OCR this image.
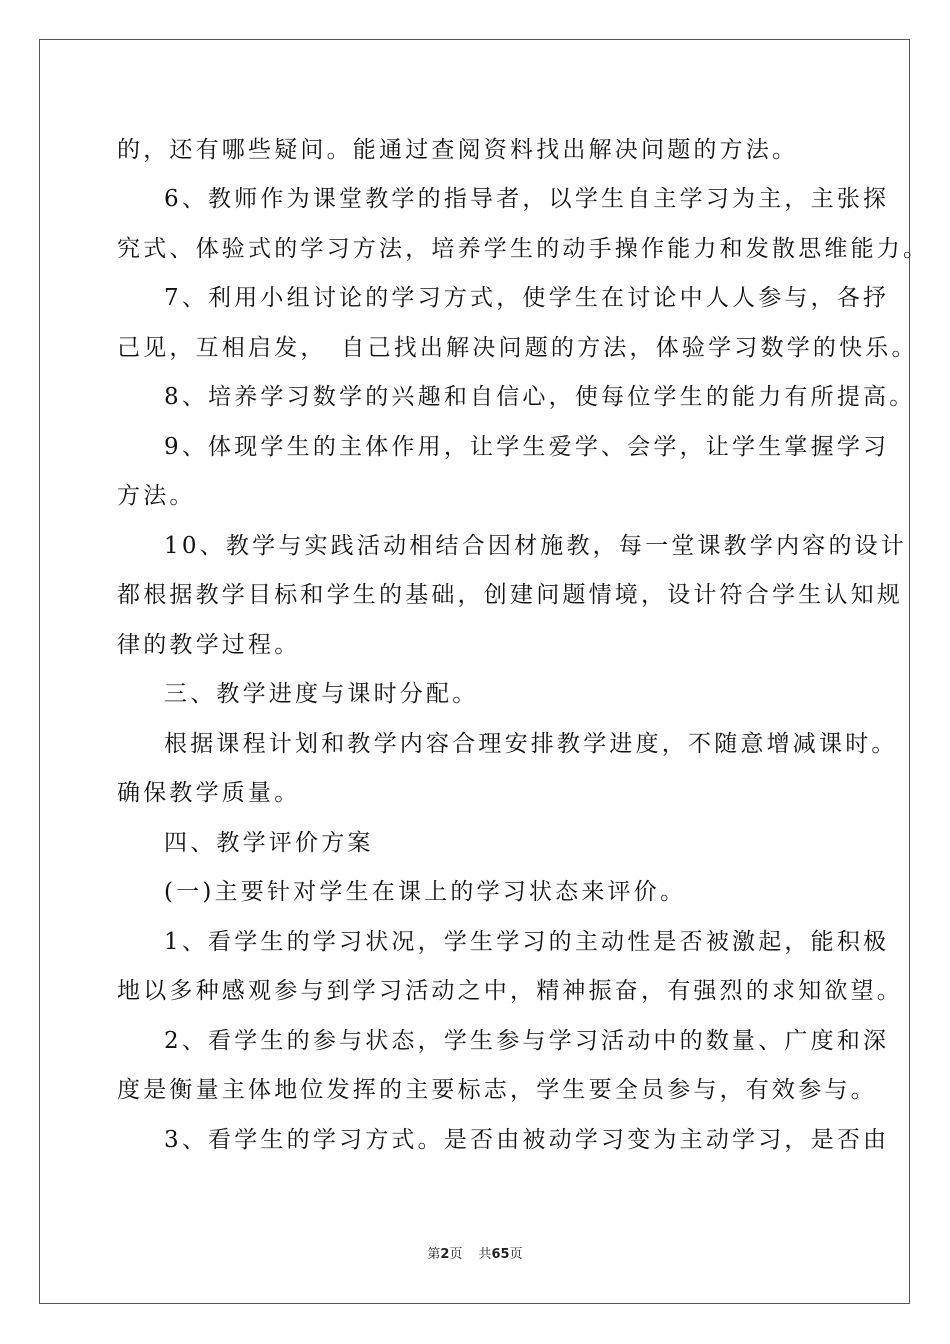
的，还有哪些疑问。能通过查阅资料找出解决问题的方法。
6、教师作为课堂教学的指导者，以学生自主学习为主，主张探
究式、体验式的学习方法，培养学生的动手操作能力和发散思维能力。
7、利用小组讨论的学习方式，使学生在讨论中人人参与，各抒
己见，互相启发，　自己找出解决问题的方法，体验学习数学的快乐。
8、培养学习数学的兴趣和自信心，使每位学生的能力有所提高。
9、体现学生的主体作用，让学生爱学、会学，让学生掌握学习
方法。
10、教学与实践活动相结合因材施教，每一堂课教学内容的设计
都根据教学目标和学生的基础，创建问题情境，设计符合学生认知规
律的教学过程。
三、教学进度与课时分配。
根据课程计划和教学内容合理安排教学进度，不随意增减课时。
确保教学质量。
四、教学评价方案
(一)主要针对学生在课上的学习状态来评价。
1、看学生的学习状况，学生学习的主动性是否被激起，能积极
地以多种感观参与到学习活动之中，精神振奋，有强烈的求知欲望。
2、看学生的参与状态，学生参与学习活动中的数量、广度和深
度是衡量主体地位发挥的主要标志，学生要全员参与，有效参与。
3、看学生的学习方式。是否由被动学习变为主动学习，是否由
第2页 共65页
